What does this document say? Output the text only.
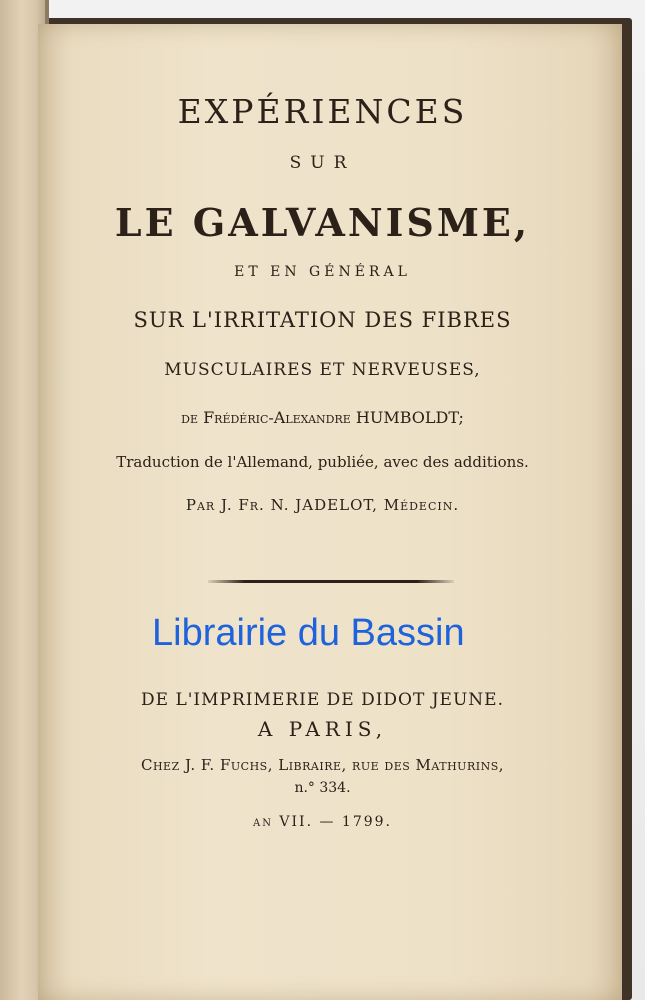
EXPÉRIENCES
SUR
LE GALVANISME,
ET EN GÉNÉRAL
SUR L'IRRITATION DES FIBRES
MUSCULAIRES ET NERVEUSES,
de Frédéric-Alexandre HUMBOLDT;
Traduction de l'Allemand, publiée, avec des additions.
Par J. Fr. N. JADELOT, Médecin.
Librairie du Bassin
DE L'IMPRIMERIE DE DIDOT JEUNE.
A PARIS,
Chez J. F. Fuchs, Libraire, rue des Mathurins,
n.° 334.
an VII. — 1799.
